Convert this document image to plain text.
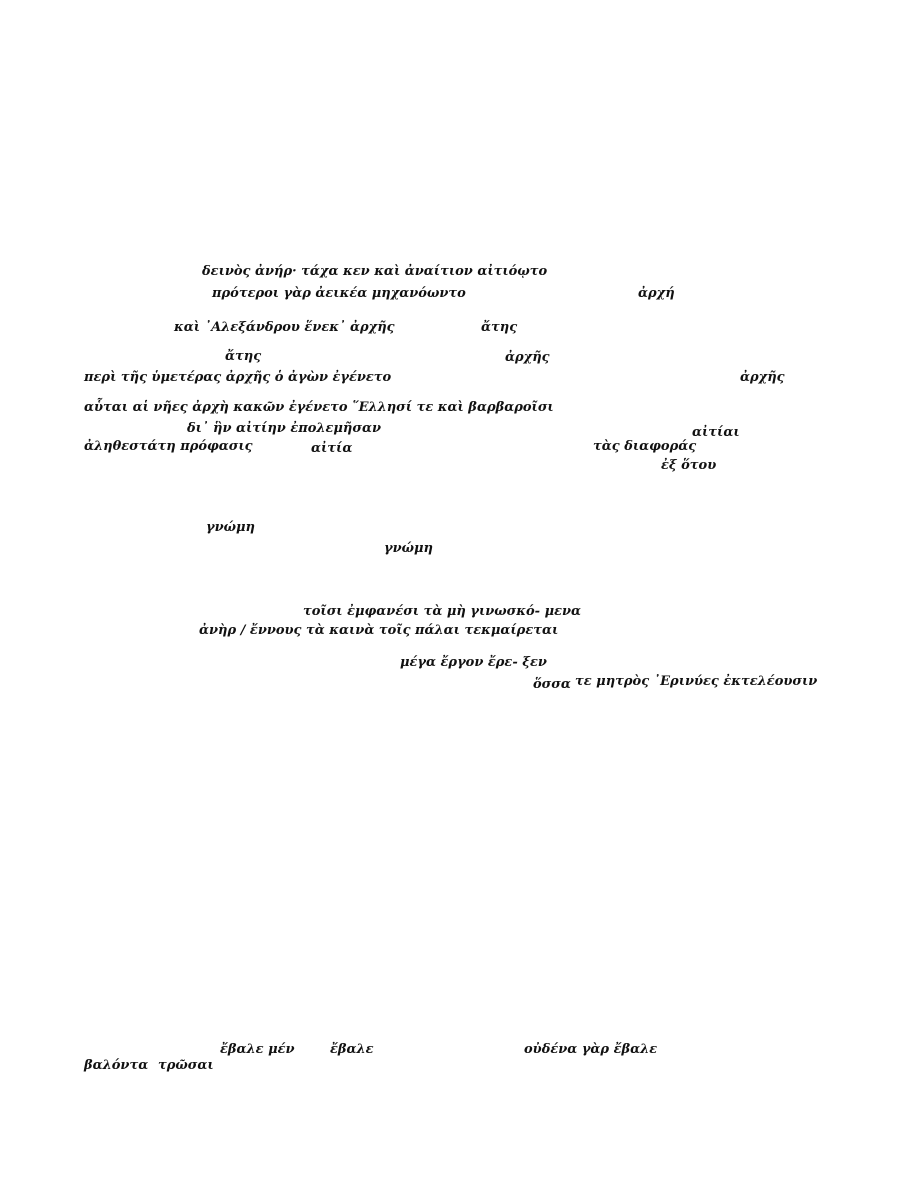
δεινὸς ἀνήρ· τάχα κεν καὶ ἀναίτιον αἰτιόῳτο
πρότεροι γὰρ ἀεικέα μηχανόωντο	ἀρχή
καὶ ᾿Αλεξάνδρου ἕνεκ᾿ ἀρχῆς	ἄτης
ἄτης	ἀρχῆς
περὶ τῆς ὑμετέρας ἀρχῆς ὁ ἀγὼν ἐγένετο	ἀρχῆς
αὗται αἱ νῆες ἀρχὴ κακῶν ἐγένετο ῞Ελλησί τε καὶ βαρβαροῖσι
δι᾿ ἣν αἰτίην ἐπολεμῆσαν	αἰτίαι
ἀληθεστάτη πρόφασις	αἰτία	τὰς διαφοράς
ἐξ ὅτου
γνώμη
γνώμη
τοῖσι ἐμφανέσι τὰ μὴ γινωσκό- μενα
ἀνὴρ / ἔννους τὰ καινὰ τοῖς πάλαι τεκμαίρεται
μέγα ἔργον ἔρε- ξεν
ὅσσα τε μητρὸς ᾿Ερινύες ἐκτελέουσιν
ἔβαλε μέν	ἔβαλε	οὐδένα γὰρ ἔβαλε
βαλόντα τρῶσαι
